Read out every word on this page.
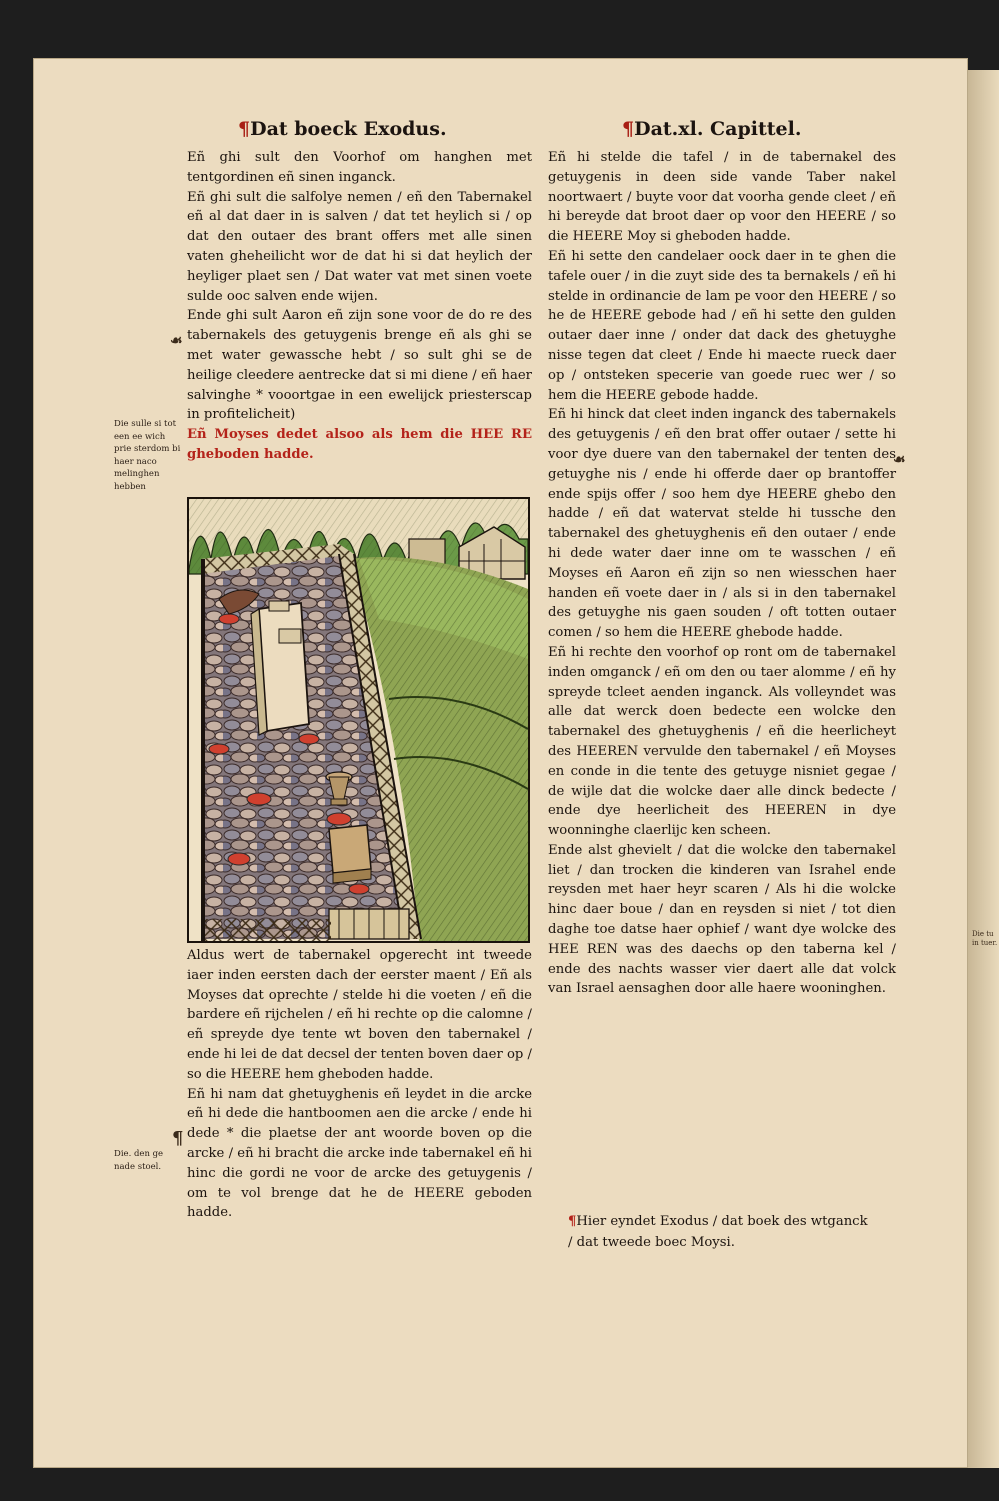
Die tu in tuer.
¶Dat boeck Exodus.	¶Dat.xl. Capittel.

Eñ ghi sult den Voorhof om hanghen met tentgordinen eñ sinen inganck.

Eñ ghi sult die salfolye nemen / eñ den Tabernakel eñ al dat daer in is salven / dat tet heylich si / op dat den outaer des brant offers met alle sinen vaten gheheilicht wor de dat hi si dat heylich der heyliger plaet sen / Dat water vat met sinen voete sulde ooc salven ende wijen.

Ende ghi sult Aaron eñ zijn sone voor de do re des tabernakels des getuygenis brenge eñ als ghi se met water gewassche hebt / so sult ghi se de heilige cleedere aentrecke dat si mi diene / eñ haer salvinghe * vooortgae in een ewelijck priesterscap in profitelicheit)

Eñ Moyses dedet alsoo als hem die HEE RE gheboden hadde.

☙
Die sulle si tot een ee wich prie sterdom bi haer naco melinghen hebben
¶
Die. den ge nade stoel.

Aldus wert de tabernakel opgerecht int tweede iaer inden eersten dach der eerster maent / Eñ als Moyses dat oprechte / stelde hi die voeten / eñ die bardere eñ rijchelen / eñ hi rechte op die calomne / eñ spreyde dye tente wt boven den tabernakel / ende hi lei de dat decsel der tenten boven daer op / so die HEERE hem gheboden hadde.

Eñ hi nam dat ghetuyghenis eñ leydet in die arcke eñ hi dede die hantboomen aen die arcke / ende hi dede * die plaetse der ant woorde boven op die arcke / eñ hi bracht die arcke inde tabernakel eñ hi hinc die gordi ne voor de arcke des getuygenis / om te vol brenge dat he de HEERE geboden hadde.

Eñ hi stelde die tafel / in de tabernakel des getuygenis in deen side vande Taber nakel noortwaert / buyte voor dat voorha gende cleet / eñ hi bereyde dat broot daer op voor den HEERE / so die HEERE Moy si gheboden hadde.

Eñ hi sette den candelaer oock daer in te ghen die tafele ouer / in die zuyt side des ta bernakels / eñ hi stelde in ordinancie de lam pe voor den HEERE / so he de HEERE gebode had / eñ hi sette den gulden outaer daer inne / onder dat dack des ghetuyghe nisse tegen dat cleet / Ende hi maecte rueck daer op / ontsteken specerie van goede ruec wer / so hem die HEERE gebode hadde.

Eñ hi hinck dat cleet inden inganck des tabernakels des getuygenis / eñ den brat offer outaer / sette hi voor dye duere van den tabernakel der tenten des getuyghe nis / ende hi offerde daer op brantoffer ende spijs offer / soo hem dye HEERE ghebo den hadde / eñ dat watervat stelde hi tussche den tabernakel des ghetuyghenis eñ den outaer / ende hi dede water daer inne om te wasschen / eñ Moyses eñ Aaron eñ zijn so nen wiesschen haer handen eñ voete daer in / als si in den tabernakel des getuyghe nis gaen souden / oft totten outaer comen / so hem die HEERE ghebode hadde.

Eñ hi rechte den voorhof op ront om de tabernakel inden omganck / eñ om den ou taer alomme / eñ hy spreyde tcleet aenden inganck. Als volleyndet was alle dat werck doen bedecte een wolcke den tabernakel des ghetuyghenis / eñ die heerlicheyt des HEEREN vervulde den tabernakel / eñ Moyses en conde in die tente des getuyge nisniet gegae / de wijle dat die wolcke daer alle dinck bedecte / ende dye heerlicheit des HEEREN in dye woonninghe claerlijc ken scheen.

Ende alst ghevielt / dat die wolcke den tabernakel liet / dan trocken die kinderen van Israhel ende reysden met haer heyr scaren / Als hi die wolcke hinc daer boue / dan en reysden si niet / tot dien daghe toe datse haer ophief / want dye wolcke des HEE REN was des daechs op den taberna kel / ende des nachts wasser vier daert alle dat volck van Israel aensaghen door alle haere wooninghen.

☙
¶Hier eyndet Exodus / dat boek des wtganck / dat tweede boec Moysi.
